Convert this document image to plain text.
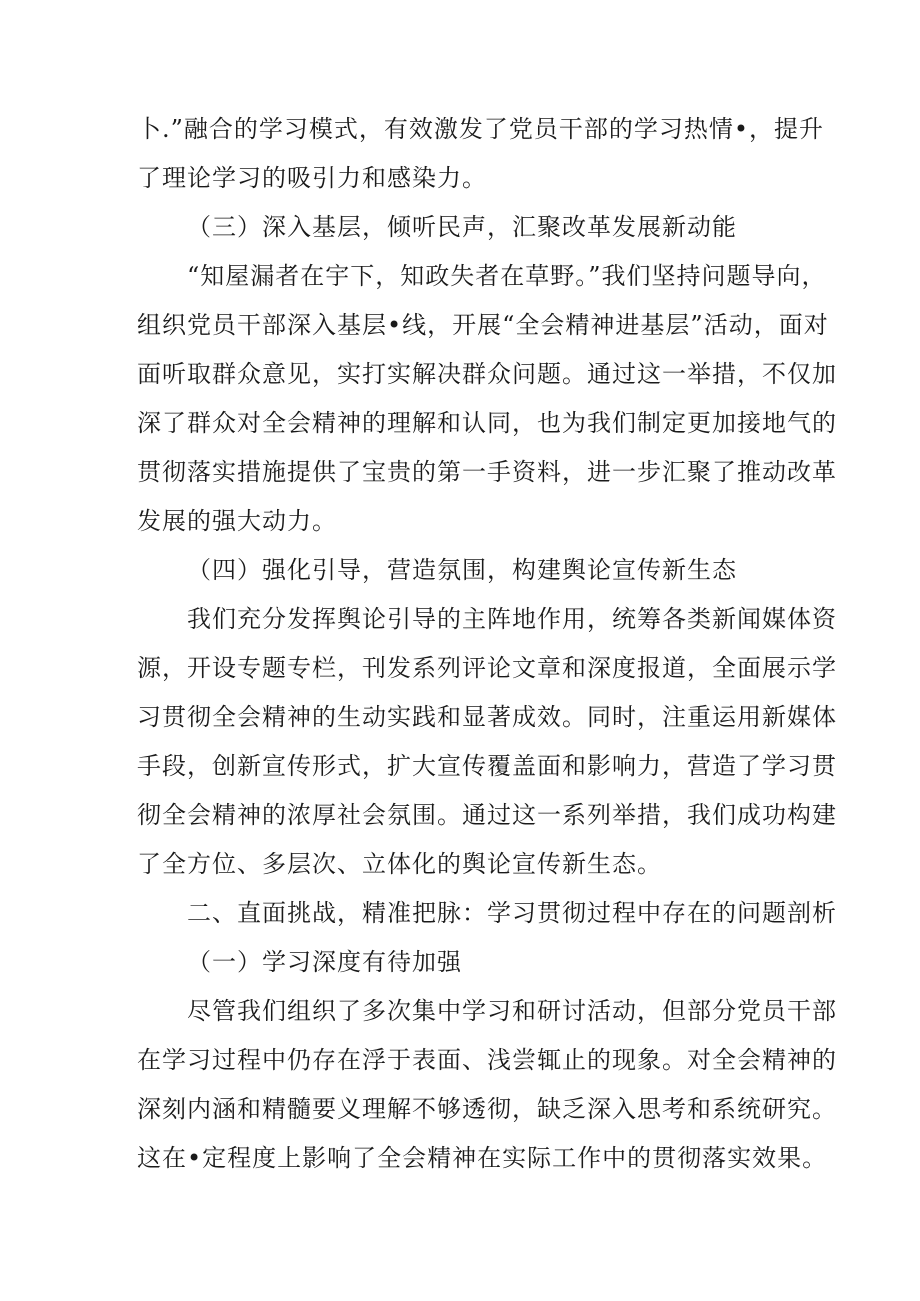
卜.”融合的学习模式，有效激发了党员干部的学习热情•，提升
了理论学习的吸引力和感染力。
（三）深入基层，倾听民声，汇聚改革发展新动能
“知屋漏者在宇下，知政失者在草野。”我们坚持问题导向，
组织党员干部深入基层•线，开展“全会精神进基层”活动，面对
面听取群众意见，实打实解决群众问题。通过这一举措，不仅加
深了群众对全会精神的理解和认同，也为我们制定更加接地气的
贯彻落实措施提供了宝贵的第一手资料，进一步汇聚了推动改革
发展的强大动力。
（四）强化引导，营造氛围，构建舆论宣传新生态
我们充分发挥舆论引导的主阵地作用，统筹各类新闻媒体资
源，开设专题专栏，刊发系列评论文章和深度报道，全面展示学
习贯彻全会精神的生动实践和显著成效。同时，注重运用新媒体
手段，创新宣传形式，扩大宣传覆盖面和影响力，营造了学习贯
彻全会精神的浓厚社会氛围。通过这一系列举措，我们成功构建
了全方位、多层次、立体化的舆论宣传新生态。
二、直面挑战，精准把脉：学习贯彻过程中存在的问题剖析
（一）学习深度有待加强
尽管我们组织了多次集中学习和研讨活动，但部分党员干部
在学习过程中仍存在浮于表面、浅尝辄止的现象。对全会精神的
深刻内涵和精髓要义理解不够透彻，缺乏深入思考和系统研究。
这在•定程度上影响了全会精神在实际工作中的贯彻落实效果。
